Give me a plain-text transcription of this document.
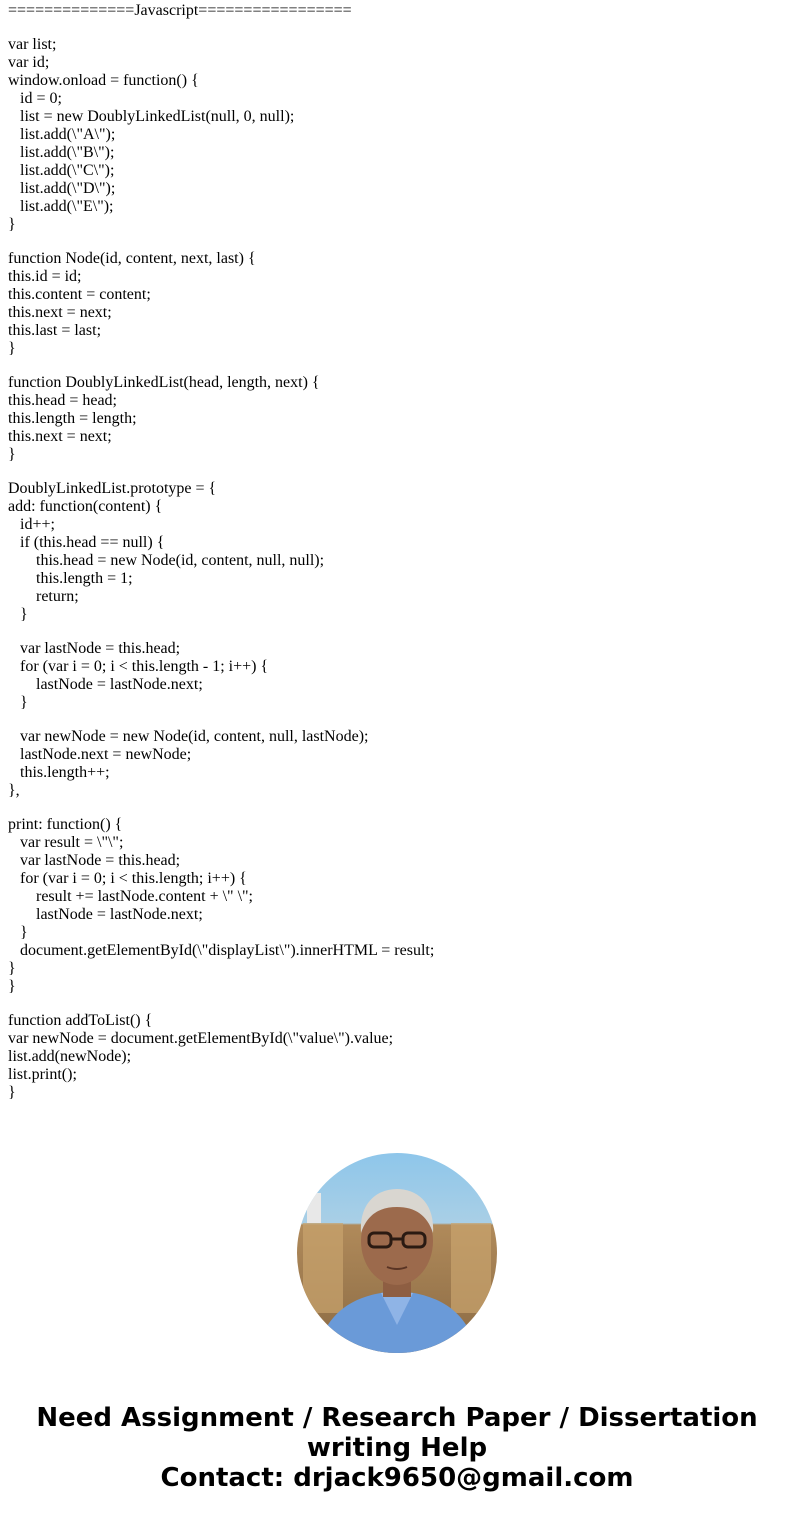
==============Javascript=================
var list;
var id;
window.onload = function() {
id = 0;
list = new DoublyLinkedList(null, 0, null);
list.add(\"A\");
list.add(\"B\");
list.add(\"C\");
list.add(\"D\");
list.add(\"E\");
}
function Node(id, content, next, last) {
this.id = id;
this.content = content;
this.next = next;
this.last = last;
}
function DoublyLinkedList(head, length, next) {
this.head = head;
this.length = length;
this.next = next;
}
DoublyLinkedList.prototype = {
add: function(content) {
id++;
if (this.head == null) {
this.head = new Node(id, content, null, null);
this.length = 1;
return;
}
var lastNode = this.head;
for (var i = 0; i < this.length - 1; i++) {
lastNode = lastNode.next;
}
var newNode = new Node(id, content, null, lastNode);
lastNode.next = newNode;
this.length++;
},
print: function() {
var result = \"\";
var lastNode = this.head;
for (var i = 0; i < this.length; i++) {
result += lastNode.content + \" \";
lastNode = lastNode.next;
}
document.getElementById(\"displayList\").innerHTML = result;
}
}
function addToList() {
var newNode = document.getElementById(\"value\").value;
list.add(newNode);
list.print();
}
Need Assignment / Research Paper / Dissertation
writing Help
Contact: drjack9650@gmail.com
